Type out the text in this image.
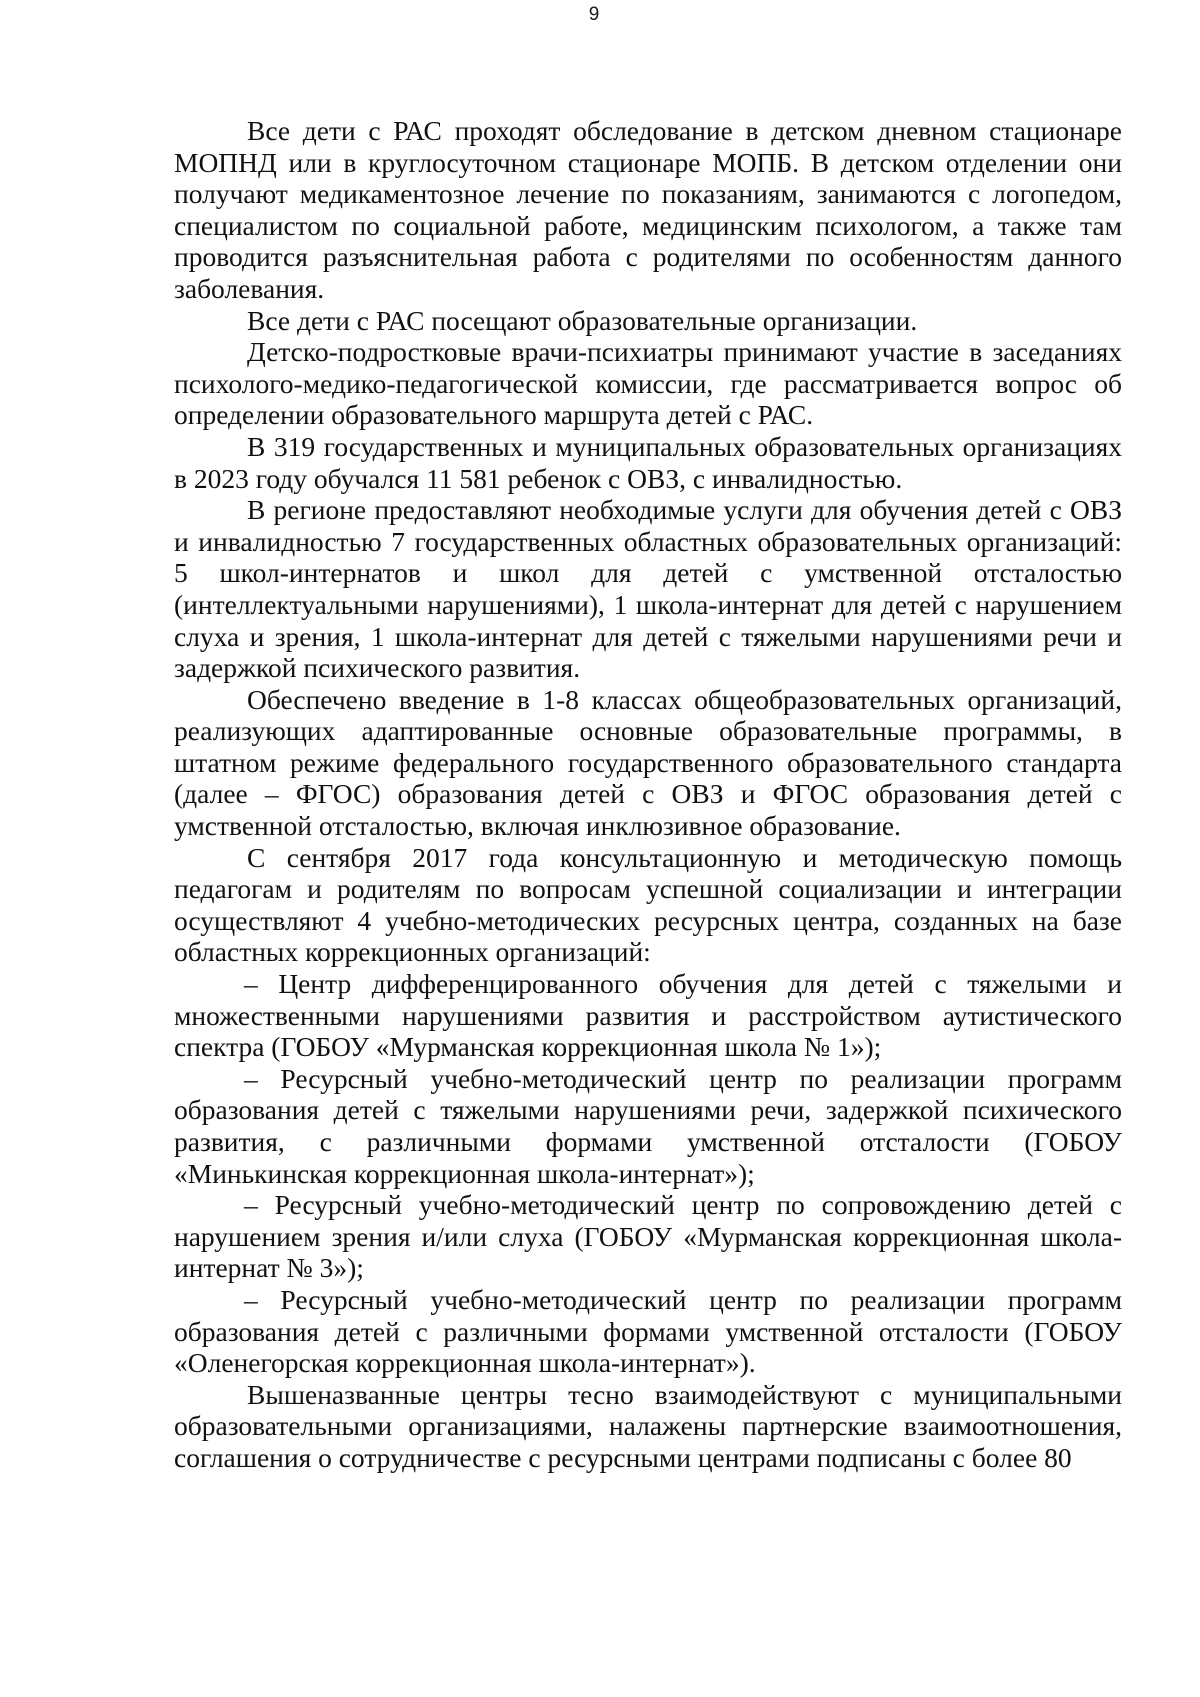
9

Все дети с РАС проходят обследование в детском дневном стационаре МОПНД или в круглосуточном стационаре МОПБ. В детском отделении они получают медикаментозное лечение по показаниям, занимаются с логопедом, специалистом по социальной работе, медицинским психологом, а также там проводится разъяснительная работа с родителями по особенностям данного заболевания.

Все дети с РАС посещают образовательные организации.

Детско-подростковые врачи-психиатры принимают участие в заседаниях психолого-медико-педагогической комиссии, где рассматривается вопрос об определении образовательного маршрута детей с РАС.

В 319 государственных и муниципальных образовательных организациях в 2023 году обучался 11 581 ребенок с ОВЗ, с инвалидностью.

В регионе предоставляют необходимые услуги для обучения детей с ОВЗ и инвалидностью 7 государственных областных образовательных организаций: 5 школ-интернатов и школ для детей с умственной отсталостью (интеллектуальными нарушениями), 1 школа-интернат для детей с нарушением слуха и зрения, 1 школа-интернат для детей с тяжелыми нарушениями речи и задержкой психического развития.

Обеспечено введение в 1-8 классах общеобразовательных организаций, реализующих адаптированные основные образовательные программы, в штатном режиме федерального государственного образовательного стандарта (далее – ФГОС) образования детей с ОВЗ и ФГОС образования детей с умственной отсталостью, включая инклюзивное образование.

С сентября 2017 года консультационную и методическую помощь педагогам и родителям по вопросам успешной социализации и интеграции осуществляют 4 учебно-методических ресурсных центра, созданных на базе областных коррекционных организаций:

– Центр дифференцированного обучения для детей с тяжелыми и множественными нарушениями развития и расстройством аутистического спектра (ГОБОУ «Мурманская коррекционная школа № 1»);

– Ресурсный учебно-методический центр по реализации программ образования детей с тяжелыми нарушениями речи, задержкой психического развития, с различными формами умственной отсталости (ГОБОУ «Минькинская коррекционная школа-интернат»);

– Ресурсный учебно-методический центр по сопровождению детей с нарушением зрения и/или слуха (ГОБОУ «Мурманская коррекционная школа-интернат № 3»);

– Ресурсный учебно-методический центр по реализации программ образования детей с различными формами умственной отсталости (ГОБОУ «Оленегорская коррекционная школа-интернат»).

Вышеназванные центры тесно взаимодействуют с муниципальными образовательными организациями, налажены партнерские взаимоотношения, соглашения о сотрудничестве с ресурсными центрами подписаны с более 80
